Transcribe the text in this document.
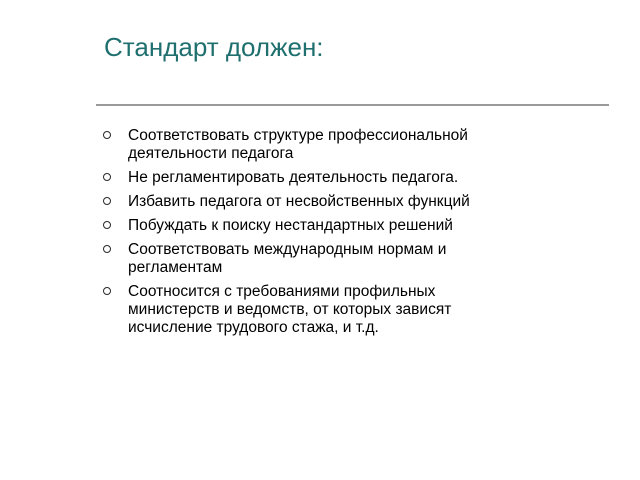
Стандарт должен:
Соответствовать структуре профессиональной
деятельности педагога
Не регламентировать деятельность педагога.
Избавить педагога от несвойственных функций
Побуждать к поиску нестандартных решений
Соответствовать международным нормам и
регламентам
Соотносится с требованиями профильных
министерств и ведомств, от которых зависят
исчисление трудового стажа, и т.д.
